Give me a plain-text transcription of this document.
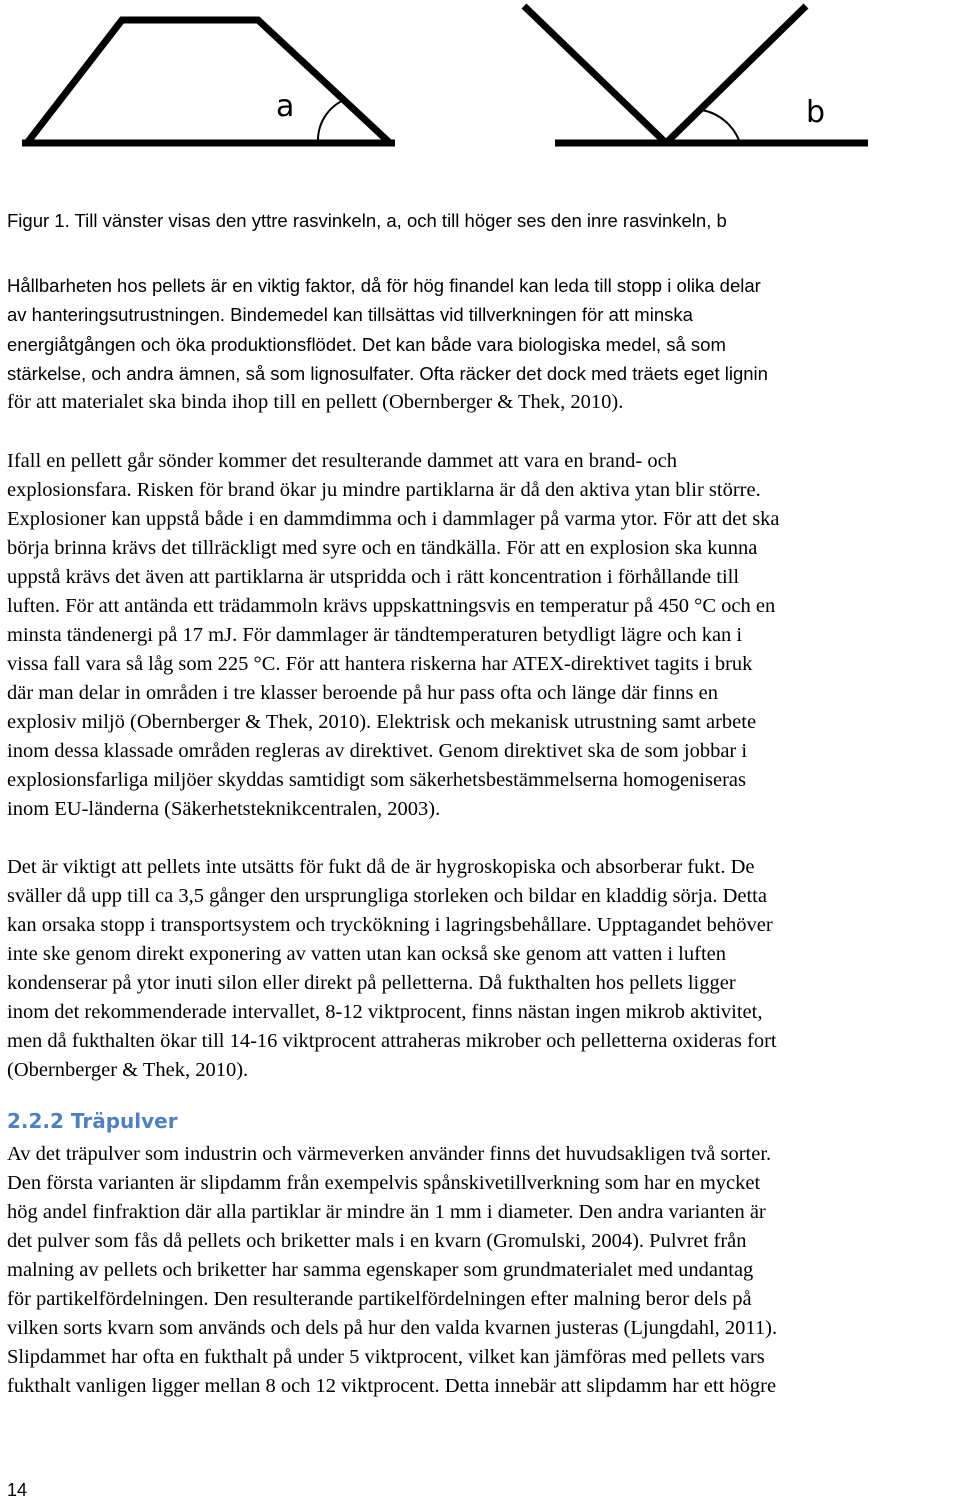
a	b
Figur 1. Till vänster visas den yttre rasvinkeln, a, och till höger ses den inre rasvinkeln, b
Hållbarheten hos pellets är en viktig faktor, då för hög finandel kan leda till stopp i olika delar
av hanteringsutrustningen. Bindemedel kan tillsättas vid tillverkningen för att minska
energiåtgången och öka produktionsflödet. Det kan både vara biologiska medel, så som
stärkelse, och andra ämnen, så som lignosulfater. Ofta räcker det dock med träets eget lignin
för att materialet ska binda ihop till en pellett (Obernberger & Thek, 2010).
Ifall en pellett går sönder kommer det resulterande dammet att vara en brand- och
explosionsfara. Risken för brand ökar ju mindre partiklarna är då den aktiva ytan blir större.
Explosioner kan uppstå både i en dammdimma och i dammlager på varma ytor. För att det ska
börja brinna krävs det tillräckligt med syre och en tändkälla. För att en explosion ska kunna
uppstå krävs det även att partiklarna är utspridda och i rätt koncentration i förhållande till
luften. För att antända ett trädammoln krävs uppskattningsvis en temperatur på 450 °C och en
minsta tändenergi på 17 mJ. För dammlager är tändtemperaturen betydligt lägre och kan i
vissa fall vara så låg som 225 °C. För att hantera riskerna har ATEX-direktivet tagits i bruk
där man delar in områden i tre klasser beroende på hur pass ofta och länge där finns en
explosiv miljö (Obernberger & Thek, 2010). Elektrisk och mekanisk utrustning samt arbete
inom dessa klassade områden regleras av direktivet. Genom direktivet ska de som jobbar i
explosionsfarliga miljöer skyddas samtidigt som säkerhetsbestämmelserna homogeniseras
inom EU-länderna (Säkerhetsteknikcentralen, 2003).
Det är viktigt att pellets inte utsätts för fukt då de är hygroskopiska och absorberar fukt. De
sväller då upp till ca 3,5 gånger den ursprungliga storleken och bildar en kladdig sörja. Detta
kan orsaka stopp i transportsystem och tryckökning i lagringsbehållare. Upptagandet behöver
inte ske genom direkt exponering av vatten utan kan också ske genom att vatten i luften
kondenserar på ytor inuti silon eller direkt på pelletterna. Då fukthalten hos pellets ligger
inom det rekommenderade intervallet, 8-12 viktprocent, finns nästan ingen mikrob aktivitet,
men då fukthalten ökar till 14-16 viktprocent attraheras mikrober och pelletterna oxideras fort
(Obernberger & Thek, 2010).
2.2.2 Träpulver
Av det träpulver som industrin och värmeverken använder finns det huvudsakligen två sorter.
Den första varianten är slipdamm från exempelvis spånskivetillverkning som har en mycket
hög andel finfraktion där alla partiklar är mindre än 1 mm i diameter. Den andra varianten är
det pulver som fås då pellets och briketter mals i en kvarn (Gromulski, 2004). Pulvret från
malning av pellets och briketter har samma egenskaper som grundmaterialet med undantag
för partikelfördelningen. Den resulterande partikelfördelningen efter malning beror dels på
vilken sorts kvarn som används och dels på hur den valda kvarnen justeras (Ljungdahl, 2011).
Slipdammet har ofta en fukthalt på under 5 viktprocent, vilket kan jämföras med pellets vars
fukthalt vanligen ligger mellan 8 och 12 viktprocent. Detta innebär att slipdamm har ett högre
14
